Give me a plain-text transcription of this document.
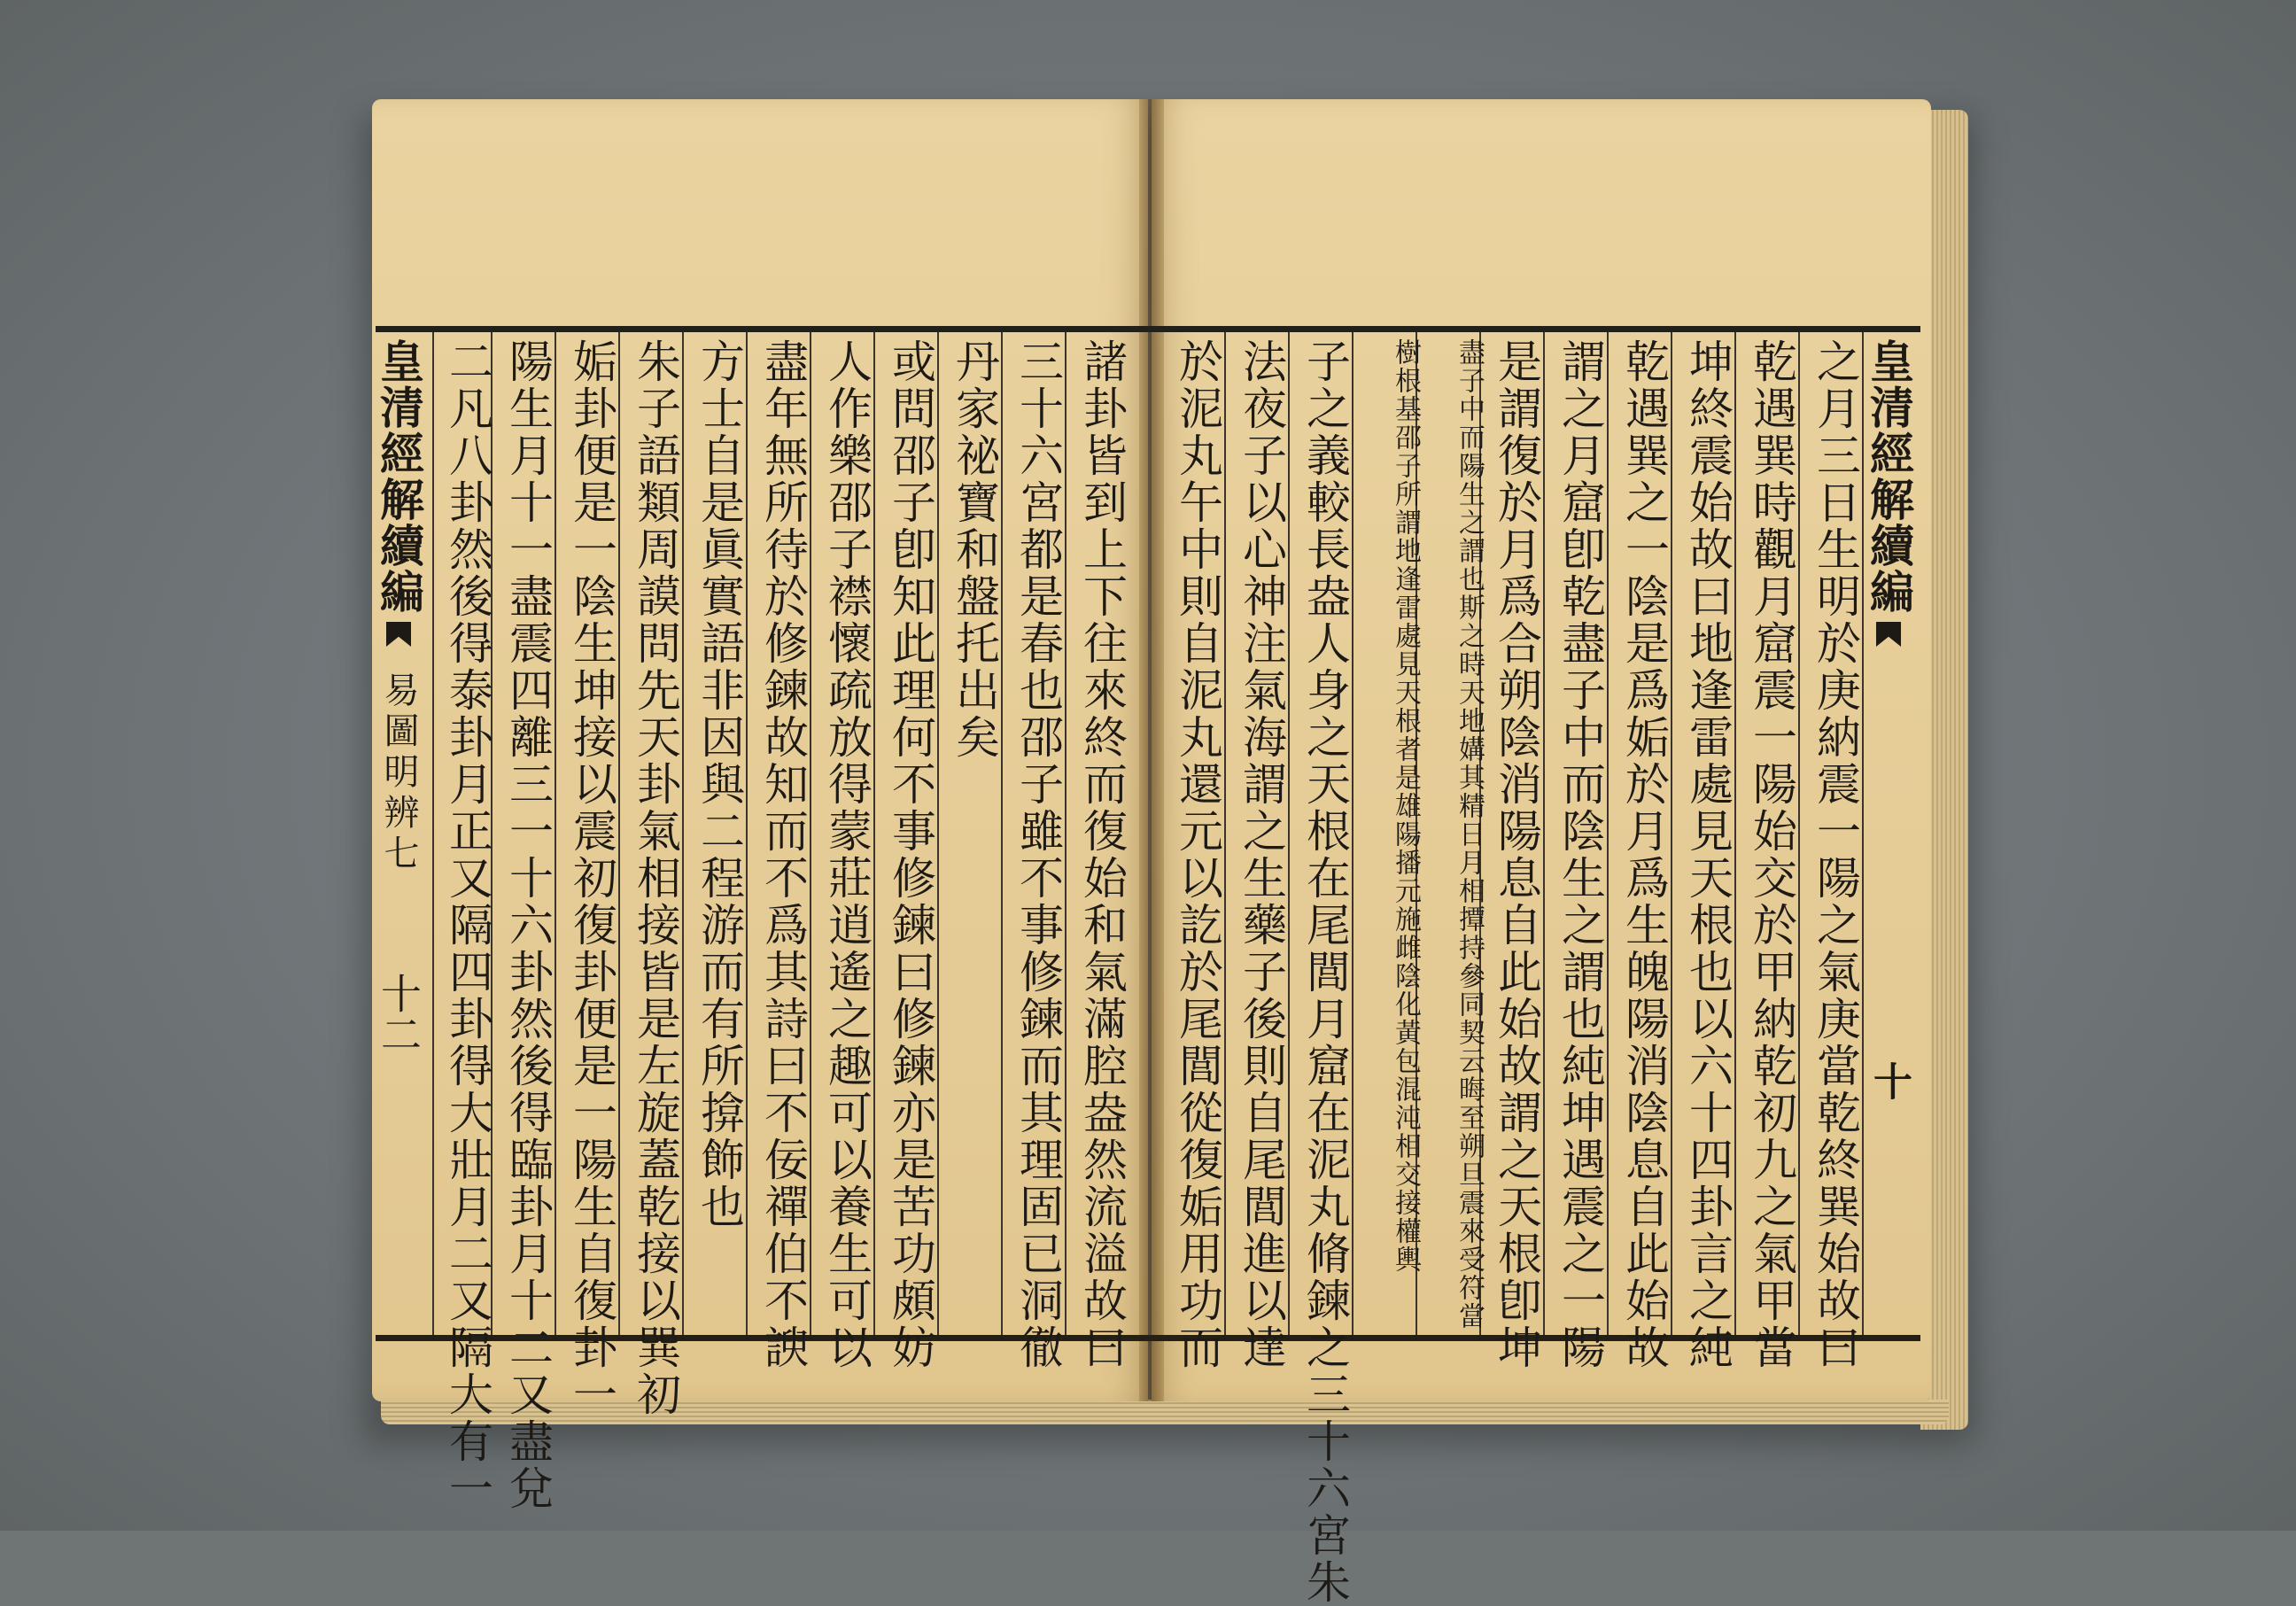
皇清經解續編易圖明辨七十二	諸卦皆到上下往來終而復始和氣滿腔盎然流溢故曰
三十六宮都是春也邵子雖不事修鍊而其理固已洞徹
丹家祕寶和盤托出矣
或問邵子卽知此理何不事修鍊曰修鍊亦是苦功頗妨
人作樂邵子襟懷疏放得蒙莊逍遙之趣可以養生可以
盡年無所待於修鍊故知而不爲其詩曰不佞禪伯不諛
方士自是眞實語非因與二程游而有所揜飾也
朱子語類周謨問先天卦氣相接皆是左旋蓋乾接以巽初
姤卦便是一陰生坤接以震初復卦便是一陽生自復卦一
陽生月十一盡震四離三一十六卦然後得臨卦月十二又盡兌
二凡八卦然後得泰卦月正又隔四卦得大壯月二又隔大有一	皇清經解續編十
之月三日生明於庚納震一陽之氣庚當乾終巽始故曰
乾遇巽時觀月窟震一陽始交於甲納乾初九之氣甲當
坤終震始故曰地逢雷處見天根也以六十四卦言之純
乾遇巽之一陰是爲姤於月爲生魄陽消陰息自此始故
謂之月窟卽乾盡子中而陰生之謂也純坤遇震之一陽
是謂復於月爲合朔陰消陽息自此始故謂之天根卽坤
盡子中而陽生之謂也斯之時天地媾其精日月相撢持參同契云晦至朔旦震來受符當
樹根基邵子所謂地逢雷處見天根者是雄陽播元施雌陰化黃包混沌相交接權輿
子之義較長盎人身之天根在尾閭月窟在泥丸脩鍊之三十六宮朱
法夜子以心神注氣海謂之生藥子後則自尾閭進以達
於泥丸午中則自泥丸還元以訖於尾閭從復姤用功而
